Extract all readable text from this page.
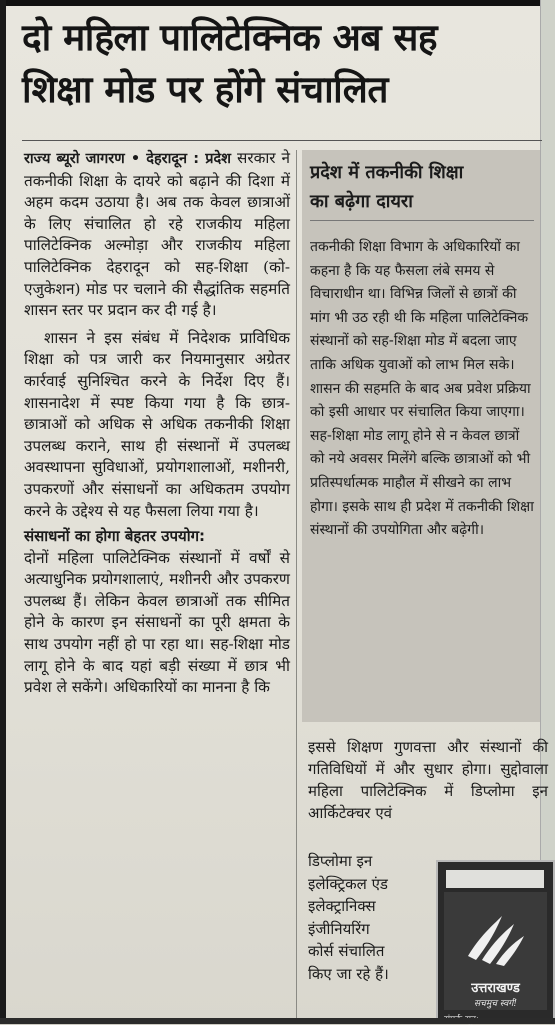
दो महिला पालिटेक्निक अब सह
शिक्षा मोड पर होंगे संचालित

राज्य ब्यूरो जागरण • देहरादून : प्रदेश सरकार ने तकनीकी शिक्षा के दायरे को बढ़ाने की दिशा में अहम कदम उठाया है। अब तक केवल छात्राओं के लिए संचालित हो रहे राजकीय महिला पालिटेक्निक अल्मोड़ा और राजकीय महिला पालिटेक्निक देहरादून को सह-शिक्षा (को-एजुकेशन) मोड पर चलाने की सैद्धांतिक सहमति शासन स्तर पर प्रदान कर दी गई है।

शासन ने इस संबंध में निदेशक प्राविधिक शिक्षा को पत्र जारी कर नियमानुसार अग्रेतर कार्रवाई सुनिश्चित करने के निर्देश दिए हैं। शासनादेश में स्पष्ट किया गया है कि छात्र-छात्राओं को अधिक से अधिक तकनीकी शिक्षा उपलब्ध कराने, साथ ही संस्थानों में उपलब्ध अवस्थापना सुविधाओं, प्रयोगशालाओं, मशीनरी, उपकरणों और संसाधनों का अधिकतम उपयोग करने के उद्देश्य से यह फैसला लिया गया है।

संसाधनों का होगा बेहतर उपयोग:
दोनों महिला पालिटेक्निक संस्थानों में वर्षों से अत्याधुनिक प्रयोगशालाएं, मशीनरी और उपकरण उपलब्ध हैं। लेकिन केवल छात्राओं तक सीमित होने के कारण इन संसाधनों का पूरी क्षमता के साथ उपयोग नहीं हो पा रहा था। सह-शिक्षा मोड लागू होने के बाद यहां बड़ी संख्या में छात्र भी प्रवेश ले सकेंगे। अधिकारियों का मानना है कि

प्रदेश में तकनीकी शिक्षा
का बढ़ेगा दायरा
तकनीकी शिक्षा विभाग के अधिकारियों का कहना है कि यह फैसला लंबे समय से विचाराधीन था। विभिन्न जिलों से छात्रों की मांग भी उठ रही थी कि महिला पालिटेक्निक संस्थानों को सह-शिक्षा मोड में बदला जाए ताकि अधिक युवाओं को लाभ मिल सके। शासन की सहमति के बाद अब प्रवेश प्रक्रिया को इसी आधार पर संचालित किया जाएगा। सह-शिक्षा मोड लागू होने से न केवल छात्रों को नये अवसर मिलेंगे बल्कि छात्राओं को भी प्रतिस्पर्धात्मक माहौल में सीखने का लाभ होगा। इसके साथ ही प्रदेश में तकनीकी शिक्षा संस्थानों की उपयोगिता और बढ़ेगी।

इससे शिक्षण गुणवत्ता और संस्थानों की गतिविधियों में और सुधार होगा। सुद्दोवाला महिला पालिटेक्निक में डिप्लोमा इन आर्किटेक्चर एवं

डिप्लोमा इन
इलेक्ट्रिकल एंड
इलेक्ट्रानिक्स
इंजीनियरिंग
कोर्स संचालित
किए जा रहे हैं।
उत्तराखण्ड
सचमुच स्वर्ग!
